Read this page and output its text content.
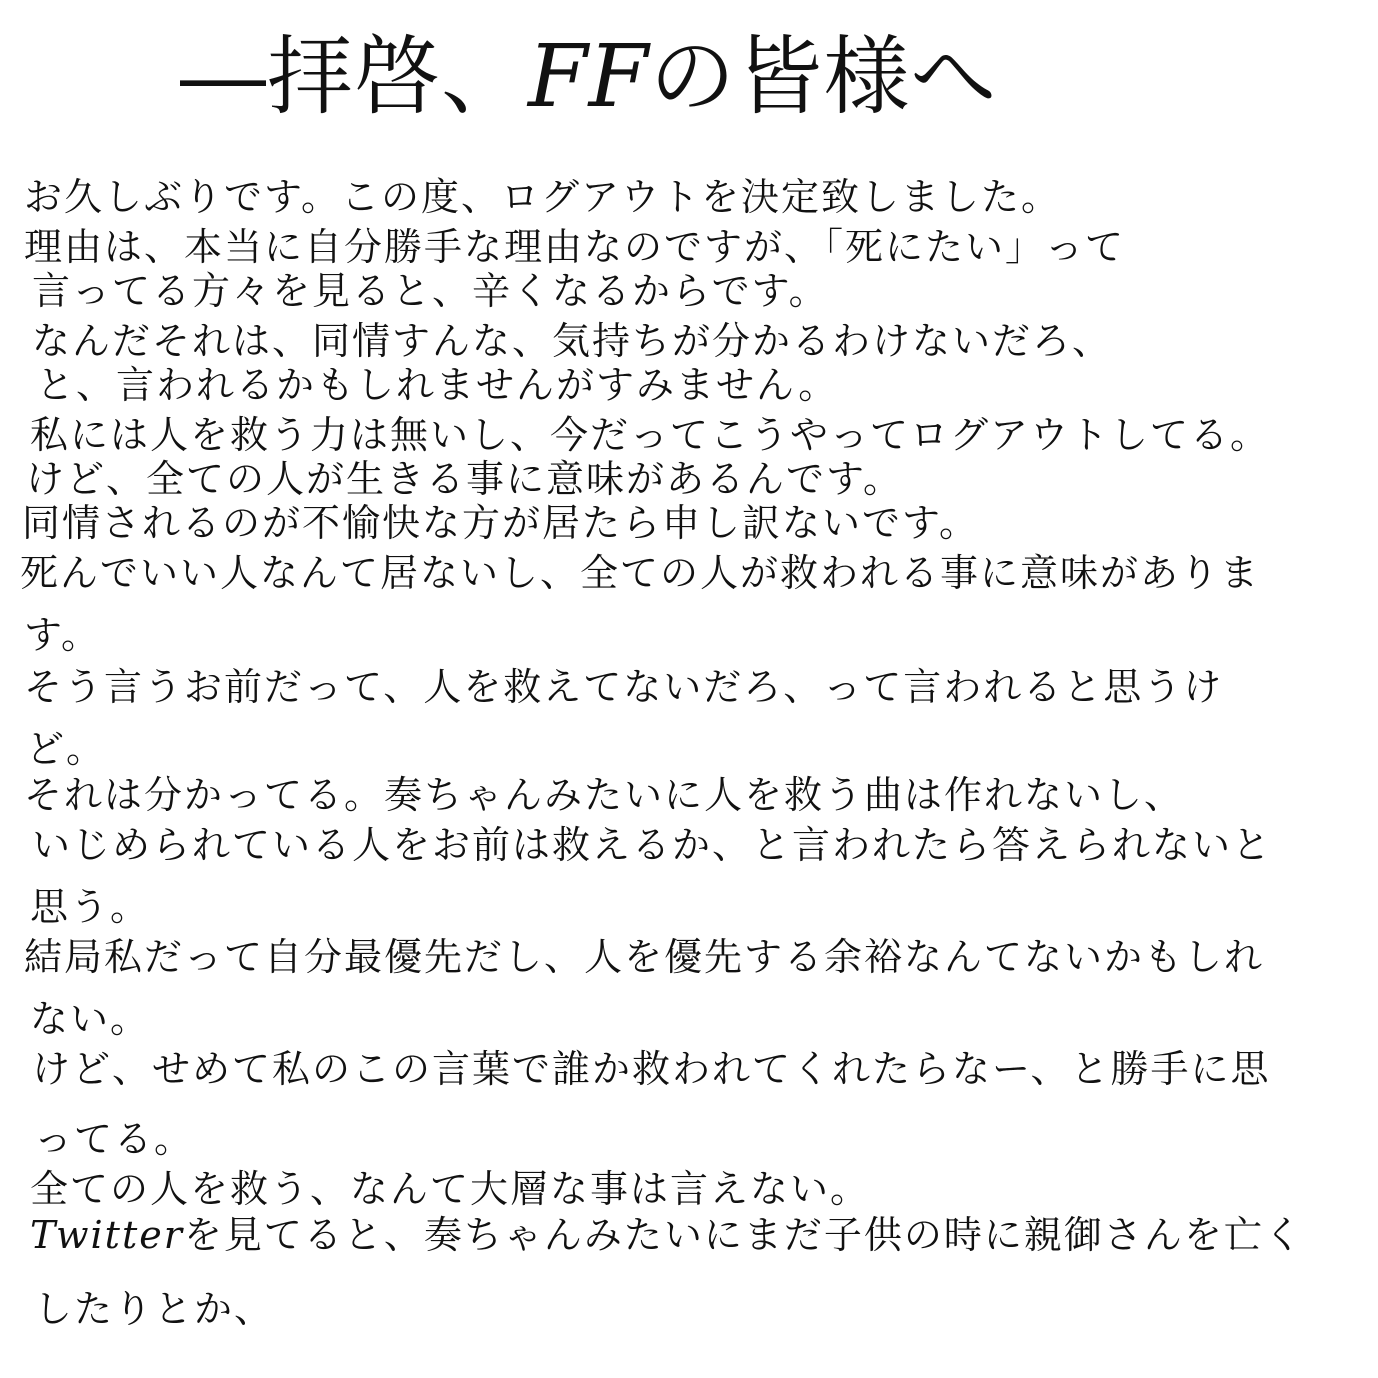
―拝啓、FFの皆様へ
お久しぶりです。この度、ログアウトを決定致しました。
理由は、本当に自分勝手な理由なのですが、「死にたい」って
言ってる方々を見ると、辛くなるからです。
なんだそれは、同情すんな、気持ちが分かるわけないだろ、
と、言われるかもしれませんがすみません。
私には人を救う力は無いし、今だってこうやってログアウトしてる。
けど、全ての人が生きる事に意味があるんです。
同情されるのが不愉快な方が居たら申し訳ないです。
死んでいい人なんて居ないし、全ての人が救われる事に意味がありま
す。
そう言うお前だって、人を救えてないだろ、って言われると思うけ
ど。
それは分かってる。奏ちゃんみたいに人を救う曲は作れないし、
いじめられている人をお前は救えるか、と言われたら答えられないと
思う。
結局私だって自分最優先だし、人を優先する余裕なんてないかもしれ
ない。
けど、せめて私のこの言葉で誰か救われてくれたらなー、と勝手に思
ってる。
全ての人を救う、なんて大層な事は言えない。
Twitterを見てると、奏ちゃんみたいにまだ子供の時に親御さんを亡く
したりとか、
